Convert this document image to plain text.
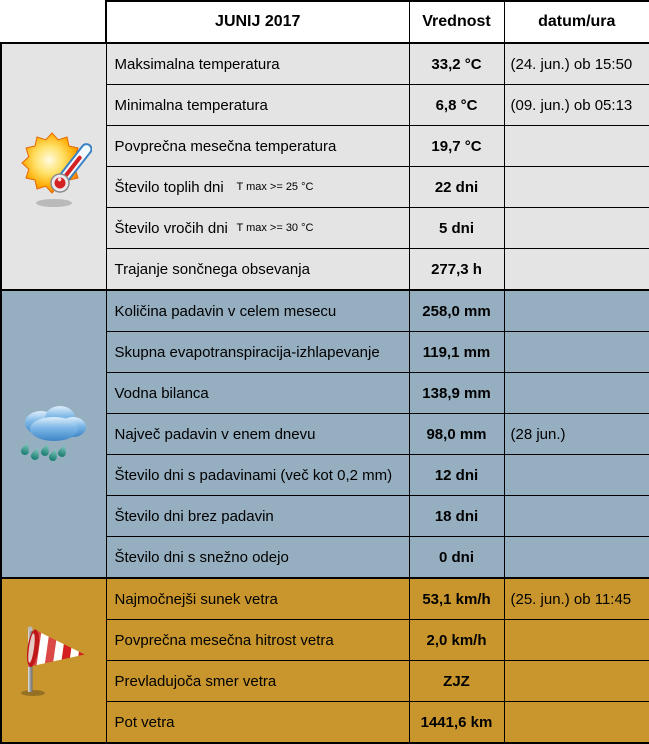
	JUNIJ 2017	Vrednost	datum/ura

	Maksimalna temperatura	33,2 °C	(24. jun.) ob 15:50
	Minimalna temperatura	6,8 °C	(09. jun.) ob 05:13
	Povprečna mesečna temperatura	19,7 °C	
	Število toplih dni T max >= 25 °C	22 dni	
	Število vročih dni T max >= 30 °C	5 dni	
	Trajanje sončnega obsevanja	277,3 h	

	Količina padavin v celem mesecu	258,0 mm	
	Skupna evapotranspiracija-izhlapevanje	119,1 mm	
	Vodna bilanca	138,9 mm	
	Največ padavin v enem dnevu	98,0 mm	(28 jun.)
	Število dni s padavinami (več kot 0,2 mm)	12 dni	
	Število dni brez padavin	18 dni	
	Število dni s snežno odejo	0 dni	

	Najmočnejši sunek vetra	53,1 km/h	(25. jun.) ob 11:45
	Povprečna mesečna hitrost vetra	2,0 km/h	
	Prevladujoča smer vetra	ZJZ	
	Pot vetra	1441,6 km	
